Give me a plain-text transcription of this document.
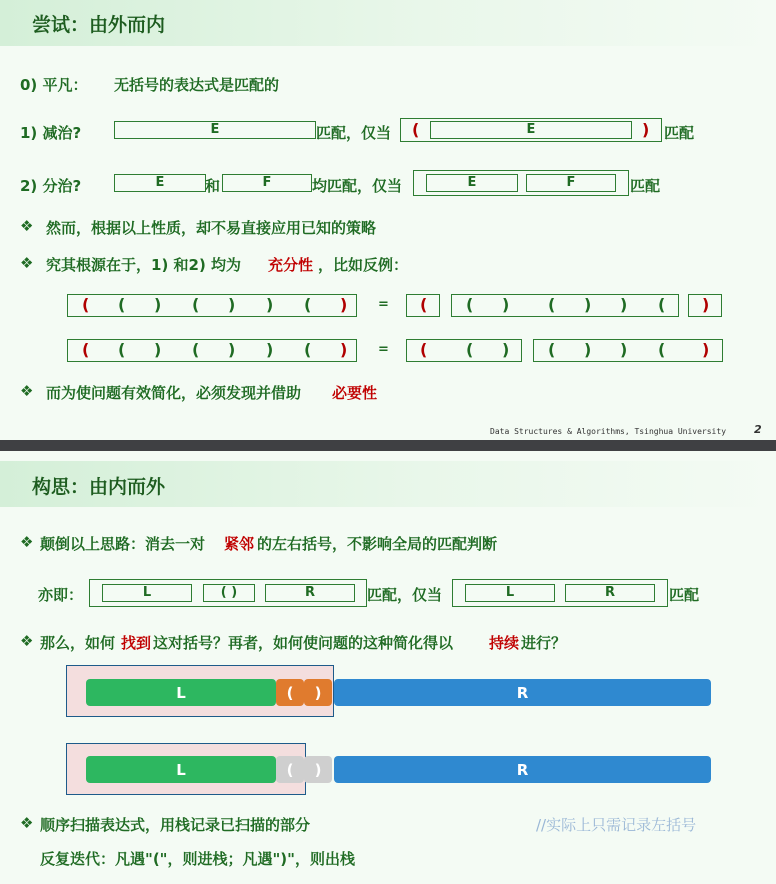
尝试：由外而内
0) 平凡： 无括号的表达式是匹配的
1) 减治?	E	匹配，仅当 (	E	) 匹配
2) 分治?	E	和	F	均匹配，仅当	E	F	匹配
❖ 然而，根据以上性质，却不易直接应用已知的策略
❖ 究其根源在于，1) 和2) 均为 充分性 ，比如反例：
( ( ) ( ) ) ( ) = ( ( ) ( ) ) ( )
( ( ) ( ) ) ( ) = ( ( ) ( ) ) ( )
❖ 而为使问题有效简化，必须发现并借助 必要性
Data Structures & Algorithms, Tsinghua University	2
构思：由内而外
❖ 颠倒以上思路：消去一对 紧邻 的左右括号，不影响全局的匹配判断
亦即：	L	( )	R	匹配，仅当	L	R	匹配
❖ 那么，如何 找到 这对括号？再者，如何使问题的这种简化得以 持续 进行？
L	(	)	R
L	(	)	R
❖ 顺序扫描表达式，用栈记录已扫描的部分	//实际上只需记录左括号
反复迭代：凡遇"("，则进栈；凡遇")"，则出栈
